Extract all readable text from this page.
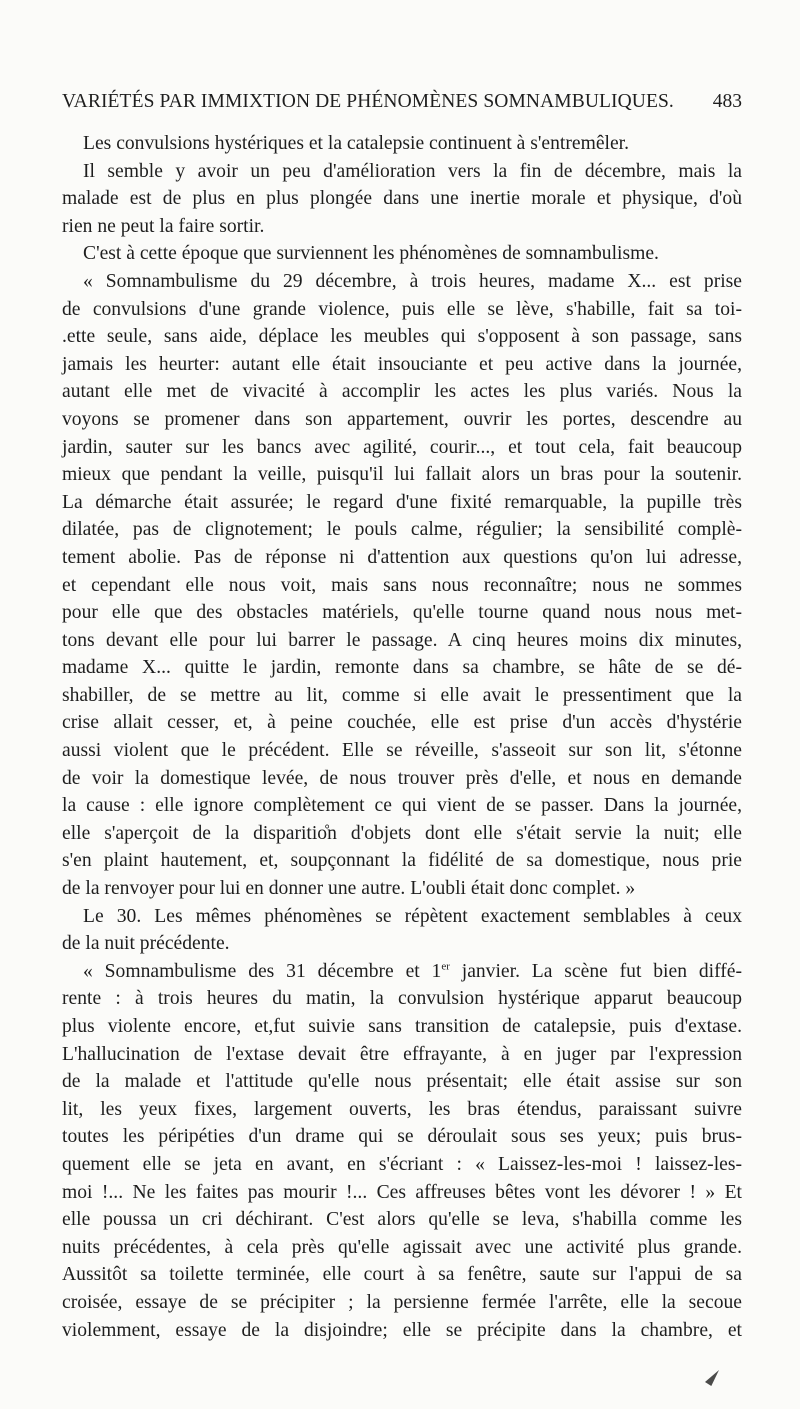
VARIÉTÉS PAR IMMIXTION DE PHÉNOMÈNES SOMNAMBULIQUES. 483
Les convulsions hystériques et la catalepsie continuent à s'entremêler.
Il semble y avoir un peu d'amélioration vers la fin de décembre, mais la
malade est de plus en plus plongée dans une inertie morale et physique, d'où
rien ne peut la faire sortir.
C'est à cette époque que surviennent les phénomènes de somnambulisme.
« Somnambulisme du 29 décembre, à trois heures, madame X... est prise
de convulsions d'une grande violence, puis elle se lève, s'habille, fait sa toi-
.ette seule, sans aide, déplace les meubles qui s'opposent à son passage, sans
jamais les heurter: autant elle était insouciante et peu active dans la journée,
autant elle met de vivacité à accomplir les actes les plus variés. Nous la
voyons se promener dans son appartement, ouvrir les portes, descendre au
jardin, sauter sur les bancs avec agilité, courir..., et tout cela, fait beaucoup
mieux que pendant la veille, puisqu'il lui fallait alors un bras pour la soutenir.
La démarche était assurée; le regard d'une fixité remarquable, la pupille très
dilatée, pas de clignotement; le pouls calme, régulier; la sensibilité complè-
tement abolie. Pas de réponse ni d'attention aux questions qu'on lui adresse,
et cependant elle nous voit, mais sans nous reconnaître; nous ne sommes
pour elle que des obstacles matériels, qu'elle tourne quand nous nous met-
tons devant elle pour lui barrer le passage. A cinq heures moins dix minutes,
madame X... quitte le jardin, remonte dans sa chambre, se hâte de se dé-
shabiller, de se mettre au lit, comme si elle avait le pressentiment que la
crise allait cesser, et, à peine couchée, elle est prise d'un accès d'hystérie
aussi violent que le précédent. Elle se réveille, s'asseoit sur son lit, s'étonne
de voir la domestique levée, de nous trouver près d'elle, et nous en demande
la cause : elle ignore complètement ce qui vient de se passer. Dans la journée,
elle s'aperçoit de la disparitio̊n d'objets dont elle s'était servie la nuit; elle
s'en plaint hautement, et, soupçonnant la fidélité de sa domestique, nous prie
de la renvoyer pour lui en donner une autre. L'oubli était donc complet. »
Le 30. Les mêmes phénomènes se répètent exactement semblables à ceux
de la nuit précédente.
« Somnambulisme des 31 décembre et 1er janvier. La scène fut bien diffé-
rente : à trois heures du matin, la convulsion hystérique apparut beaucoup
plus violente encore, et,fut suivie sans transition de catalepsie, puis d'extase.
L'hallucination de l'extase devait être effrayante, à en juger par l'expression
de la malade et l'attitude qu'elle nous présentait; elle était assise sur son
lit, les yeux fixes, largement ouverts, les bras étendus, paraissant suivre
toutes les péripéties d'un drame qui se déroulait sous ses yeux; puis brus-
quement elle se jeta en avant, en s'écriant : « Laissez-les-moi ! laissez-les-
moi !... Ne les faites pas mourir !... Ces affreuses bêtes vont les dévorer ! » Et
elle poussa un cri déchirant. C'est alors qu'elle se leva, s'habilla comme les
nuits précédentes, à cela près qu'elle agissait avec une activité plus grande.
Aussitôt sa toilette terminée, elle court à sa fenêtre, saute sur l'appui de sa
croisée, essaye de se précipiter ; la persienne fermée l'arrête, elle la secoue
violemment, essaye de la disjoindre; elle se précipite dans la chambre, et
